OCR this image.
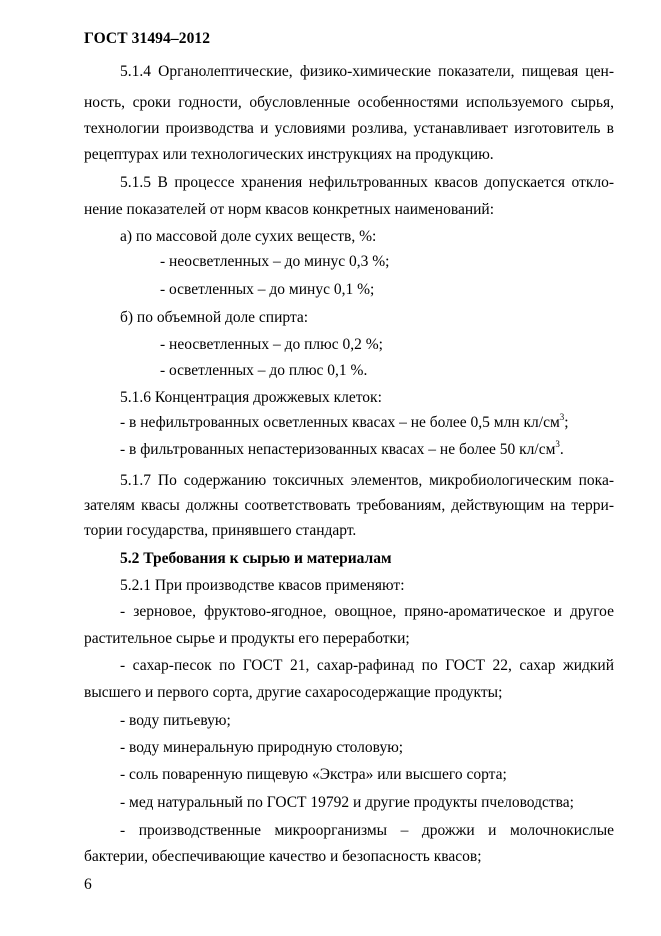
ГОСТ 31494–2012
5.1.4 Органолептические, физико-химические показатели, пищевая цен-
ность, сроки годности, обусловленные особенностями используемого сырья,
технологии производства и условиями розлива, устанавливает изготовитель в
рецептурах или технологических инструкциях на продукцию.
5.1.5 В процессе хранения нефильтрованных квасов допускается откло-
нение показателей от норм квасов конкретных наименований:
а) по массовой доле сухих веществ, %:
- неосветленных – до минус 0,3 %;
- осветленных – до минус 0,1 %;
б) по объемной доле спирта:
- неосветленных – до плюс 0,2 %;
- осветленных – до плюс 0,1 %.
5.1.6 Концентрация дрожжевых клеток:
- в нефильтрованных осветленных квасах – не более 0,5 млн $кл/см^3$;
- в фильтрованных непастеризованных квасах – не более 50 $кл/см^3$.
5.1.7 По содержанию токсичных элементов, микробиологическим пока-
зателям квасы должны соответствовать требованиям, действующим на терри-
тории государства, принявшего стандарт.
5.2 Требования к сырью и материалам
5.2.1 При производстве квасов применяют:
- зерновое, фруктово-ягодное, овощное, пряно-ароматическое и другое
растительное сырье и продукты его переработки;
- сахар-песок по ГОСТ 21, сахар-рафинад по ГОСТ 22, сахар жидкий
высшего и первого сорта, другие сахаросодержащие продукты;
- воду питьевую;
- воду минеральную природную столовую;
- соль поваренную пищевую «Экстра» или высшего сорта;
- мед натуральный по ГОСТ 19792 и другие продукты пчеловодства;
- производственные микроорганизмы – дрожжи и молочнокислые
бактерии, обеспечивающие качество и безопасность квасов;
6
